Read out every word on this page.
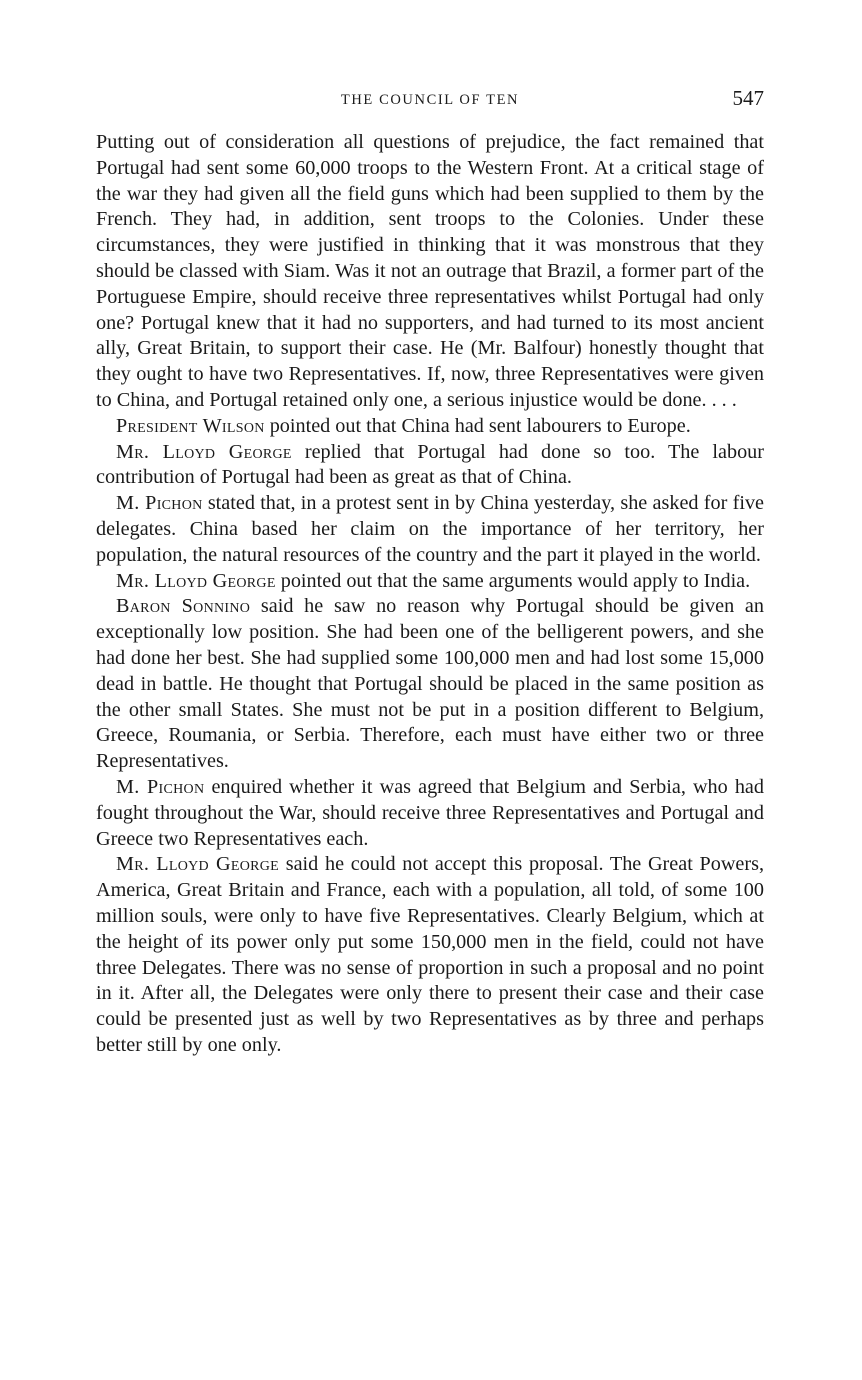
THE COUNCIL OF TEN	547

Putting out of consideration all questions of prejudice, the fact remained that Portugal had sent some 60,000 troops to the Western Front. At a critical stage of the war they had given all the field guns which had been supplied to them by the French. They had, in addition, sent troops to the Colonies. Under these circumstances, they were justified in thinking that it was monstrous that they should be classed with Siam. Was it not an outrage that Brazil, a former part of the Portuguese Empire, should receive three representatives whilst Portugal had only one? Portugal knew that it had no supporters, and had turned to its most ancient ally, Great Britain, to support their case. He (Mr. Balfour) honestly thought that they ought to have two Representatives. If, now, three Representatives were given to China, and Portugal retained only one, a serious injustice would be done. . . .

President Wilson pointed out that China had sent labourers to Europe.

Mr. Lloyd George replied that Portugal had done so too. The labour contribution of Portugal had been as great as that of China.

M. Pichon stated that, in a protest sent in by China yesterday, she asked for five delegates. China based her claim on the importance of her territory, her population, the natural resources of the country and the part it played in the world.

Mr. Lloyd George pointed out that the same arguments would apply to India.

Baron Sonnino said he saw no reason why Portugal should be given an exceptionally low position. She had been one of the belligerent powers, and she had done her best. She had supplied some 100,000 men and had lost some 15,000 dead in battle. He thought that Portugal should be placed in the same position as the other small States. She must not be put in a position different to Belgium, Greece, Roumania, or Serbia. Therefore, each must have either two or three Representatives.

M. Pichon enquired whether it was agreed that Belgium and Serbia, who had fought throughout the War, should receive three Representatives and Portugal and Greece two Representatives each.

Mr. Lloyd George said he could not accept this proposal. The Great Powers, America, Great Britain and France, each with a population, all told, of some 100 million souls, were only to have five Representatives. Clearly Belgium, which at the height of its power only put some 150,000 men in the field, could not have three Delegates. There was no sense of proportion in such a proposal and no point in it. After all, the Delegates were only there to present their case and their case could be presented just as well by two Representatives as by three and perhaps better still by one only.
